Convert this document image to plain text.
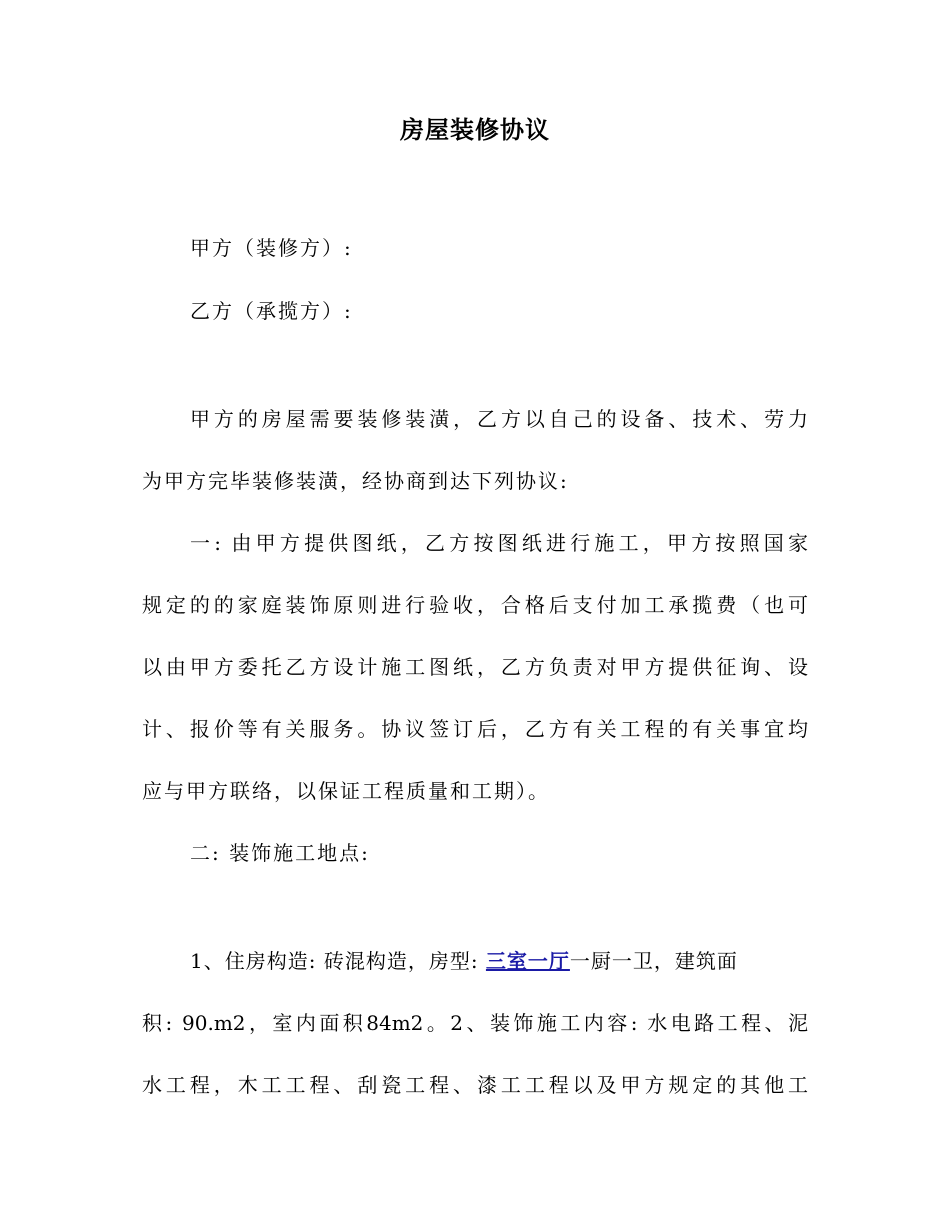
房屋装修协议
甲方（装修方）:
乙方（承揽方）:
甲方的房屋需要装修装潢，乙方以自己的设备、技术、劳力
为甲方完毕装修装潢，经协商到达下列协议:
一: 由甲方提供图纸，乙方按图纸进行施工，甲方按照国家
规定的的家庭装饰原则进行验收，合格后支付加工承揽费（也可
以由甲方委托乙方设计施工图纸，乙方负责对甲方提供征询、设
计、报价等有关服务。协议签订后，乙方有关工程的有关事宜均
应与甲方联络，以保证工程质量和工期）。
二: 装饰施工地点:
1、住房构造: 砖混构造，房型: 三室一厅一厨一卫，建筑面
积: 90.m2，室内面积84m2。2、装饰施工内容: 水电路工程、泥
水工程，木工工程、刮瓷工程、漆工工程以及甲方规定的其他工
